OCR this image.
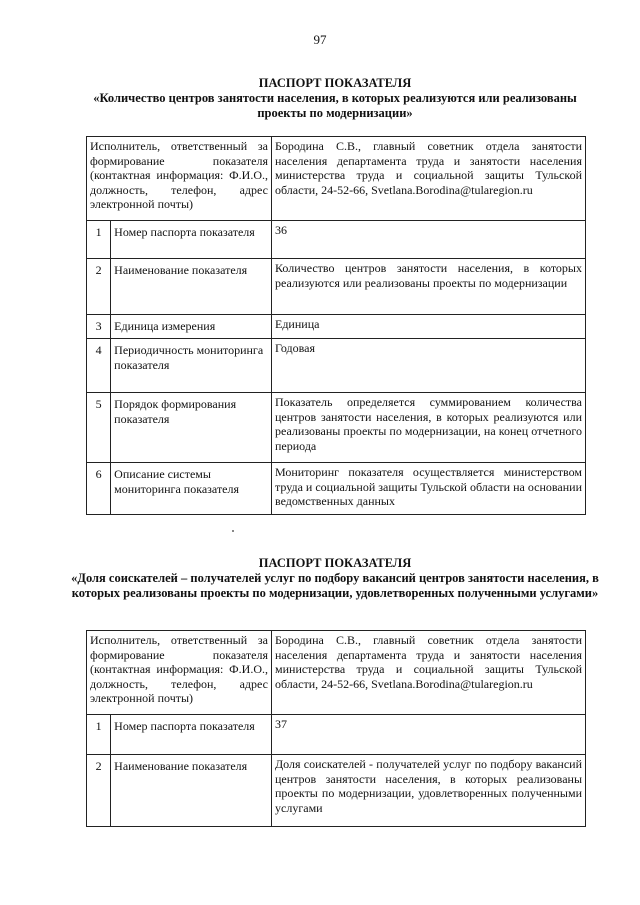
97
ПАСПОРТ ПОКАЗАТЕЛЯ
«Количество центров занятости населения, в которых реализуются или реализованы проекты по модернизации»
Исполнитель, ответственный за формирование показателя (контактная информация: Ф.И.О., должность, телефон, адрес электронной почты)		Бородина С.В., главный советник отдела занятости населения департамента труда и занятости населения министерства труда и социальной защиты Тульской области, 24-52-66, Svetlana.Borodina@tularegion.ru
1	Номер паспорта показателя	36
2	Наименование показателя	Количество центров занятости населения, в которых реализуются или реализованы проекты по модернизации
3	Единица измерения	Единица
4	Периодичность мониторинга показателя	Годовая
5	Порядок формирования показателя	Показатель определяется суммированием количества центров занятости населения, в которых реализуются или реализованы проекты по модернизации, на конец отчетного периода
6	Описание системы мониторинга показателя	Мониторинг показателя осуществляется министерством труда и социальной защиты Тульской области на основании ведомственных данных
ПАСПОРТ ПОКАЗАТЕЛЯ
«Доля соискателей – получателей услуг по подбору вакансий центров занятости населения, в которых реализованы проекты по модернизации, удовлетворенных полученными услугами»
Исполнитель, ответственный за формирование показателя (контактная информация: Ф.И.О., должность, телефон, адрес электронной почты)		Бородина С.В., главный советник отдела занятости населения департамента труда и занятости населения министерства труда и социальной защиты Тульской области, 24-52-66, Svetlana.Borodina@tularegion.ru
1	Номер паспорта показателя	37
2	Наименование показателя	Доля соискателей - получателей услуг по подбору вакансий центров занятости населения, в которых реализованы проекты по модернизации, удовлетворенных полученными услугами
